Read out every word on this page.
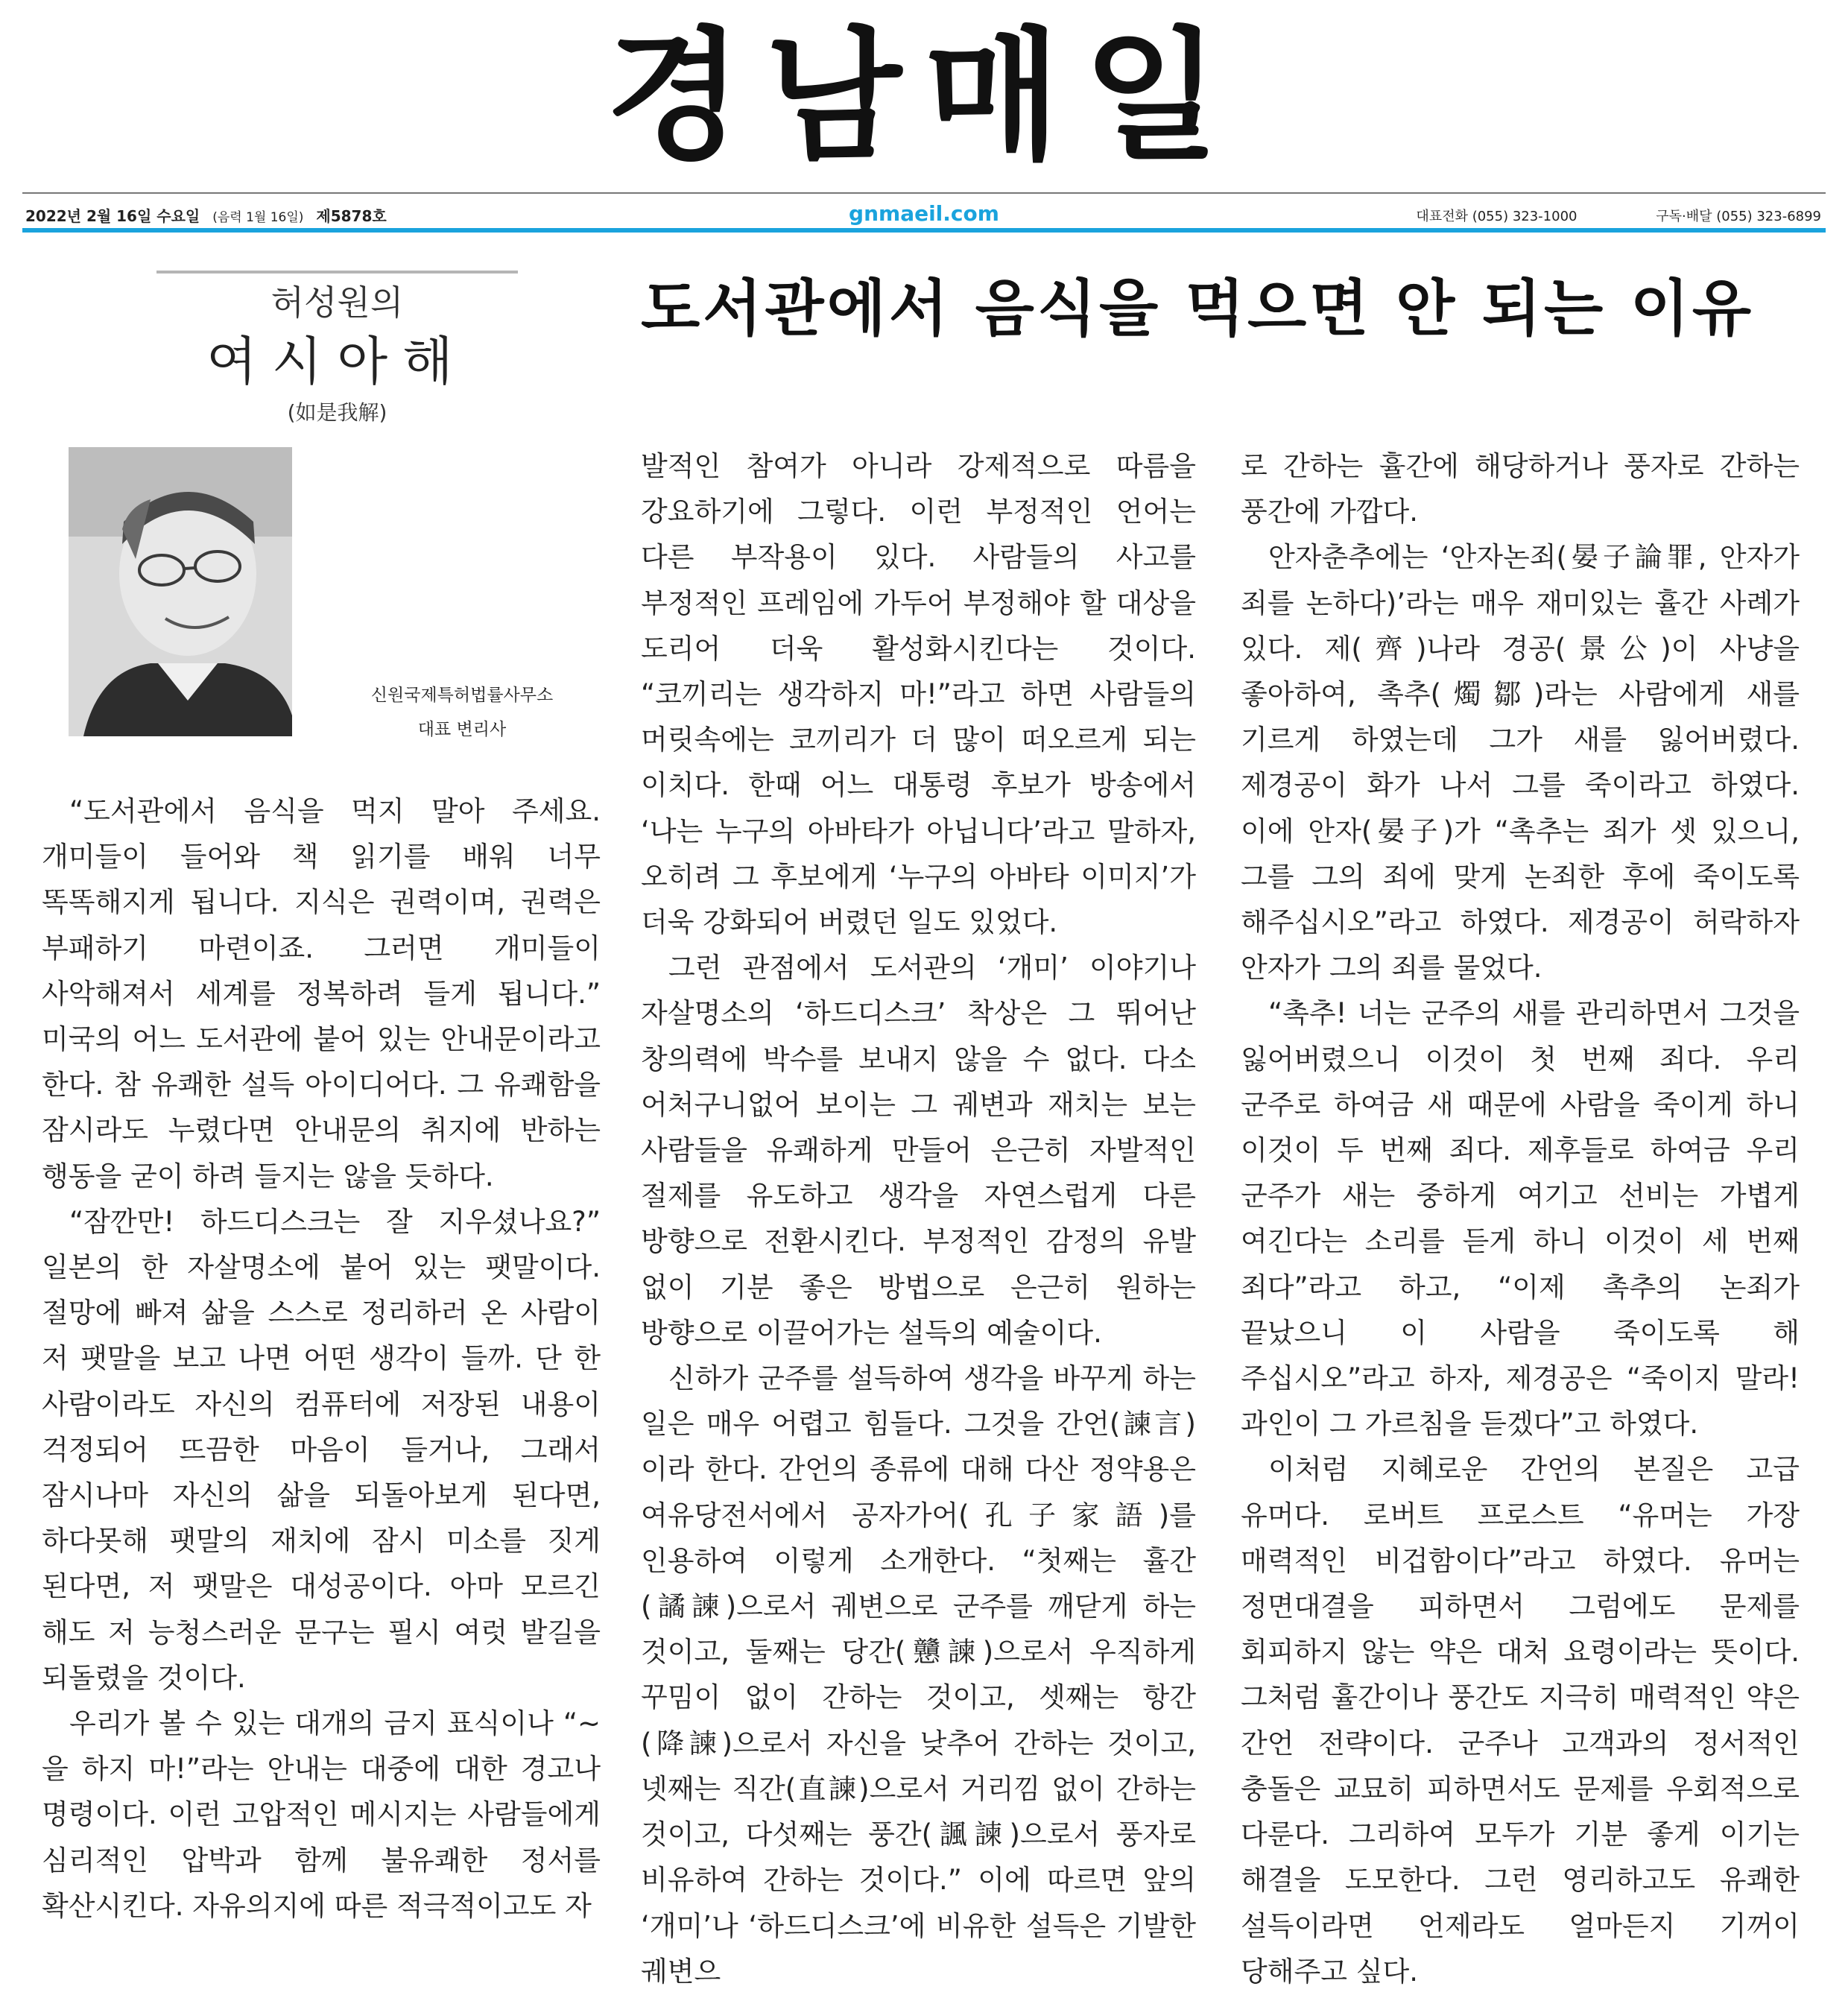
경남매일
2022년 2월 16일 수요일 (음력 1월 16일) 제5878호	gnmaeil.com	대표전화 (055) 323-1000	구독·배달 (055) 323-6899
허성원의
여시아해
(如是我解)
신원국제특허법률사무소
대표 변리사
도서관에서 음식을 먹으면 안 되는 이유

“도서관에서 음식을 먹지 말아 주세요. 개미들이 들어와 책 읽기를 배워 너무 똑똑해지게 됩니다. 지식은 권력이며, 권력은 부패하기 마련이죠. 그러면 개미들이 사악해져서 세계를 정복하려 들게 됩니다.” 미국의 어느 도서관에 붙어 있는 안내문이라고 한다. 참 유쾌한 설득 아이디어다. 그 유쾌함을 잠시라도 누렸다면 안내문의 취지에 반하는 행동을 굳이 하려 들지는 않을 듯하다.

“잠깐만! 하드디스크는 잘 지우셨나요?” 일본의 한 자살명소에 붙어 있는 팻말이다. 절망에 빠져 삶을 스스로 정리하러 온 사람이 저 팻말을 보고 나면 어떤 생각이 들까. 단 한 사람이라도 자신의 컴퓨터에 저장된 내용이 걱정되어 뜨끔한 마음이 들거나, 그래서 잠시나마 자신의 삶을 되돌아보게 된다면, 하다못해 팻말의 재치에 잠시 미소를 짓게 된다면, 저 팻말은 대성공이다. 아마 모르긴 해도 저 능청스러운 문구는 필시 여럿 발길을 되돌렸을 것이다.

우리가 볼 수 있는 대개의 금지 표식이나 “~을 하지 마!”라는 안내는 대중에 대한 경고나 명령이다. 이런 고압적인 메시지는 사람들에게 심리적인 압박과 함께 불유쾌한 정서를 확산시킨다. 자유의지에 따른 적극적이고도 자

발적인 참여가 아니라 강제적으로 따름을 강요하기에 그렇다. 이런 부정적인 언어는 다른 부작용이 있다. 사람들의 사고를 부정적인 프레임에 가두어 부정해야 할 대상을 도리어 더욱 활성화시킨다는 것이다. “코끼리는 생각하지 마!”라고 하면 사람들의 머릿속에는 코끼리가 더 많이 떠오르게 되는 이치다. 한때 어느 대통령 후보가 방송에서 ‘나는 누구의 아바타가 아닙니다’라고 말하자, 오히려 그 후보에게 ‘누구의 아바타 이미지’가 더욱 강화되어 버렸던 일도 있었다.

그런 관점에서 도서관의 ‘개미’ 이야기나 자살명소의 ‘하드디스크’ 착상은 그 뛰어난 창의력에 박수를 보내지 않을 수 없다. 다소 어처구니없어 보이는 그 궤변과 재치는 보는 사람들을 유쾌하게 만들어 은근히 자발적인 절제를 유도하고 생각을 자연스럽게 다른 방향으로 전환시킨다. 부정적인 감정의 유발 없이 기분 좋은 방법으로 은근히 원하는 방향으로 이끌어가는 설득의 예술이다.

신하가 군주를 설득하여 생각을 바꾸게 하는 일은 매우 어렵고 힘들다. 그것을 간언(諫言)이라 한다. 간언의 종류에 대해 다산 정약용은 여유당전서에서 공자가어(孔子家語)를 인용하여 이렇게 소개한다. “첫째는 휼간(譎諫)으로서 궤변으로 군주를 깨닫게 하는 것이고, 둘째는 당간(戇諫)으로서 우직하게 꾸밈이 없이 간하는 것이고, 셋째는 항간(降諫)으로서 자신을 낮추어 간하는 것이고, 넷째는 직간(直諫)으로서 거리낌 없이 간하는 것이고, 다섯째는 풍간(諷諫)으로서 풍자로 비유하여 간하는 것이다.” 이에 따르면 앞의 ‘개미’나 ‘하드디스크’에 비유한 설득은 기발한 궤변으

로 간하는 휼간에 해당하거나 풍자로 간하는 풍간에 가깝다.

안자춘추에는 ‘안자논죄(晏子論罪, 안자가 죄를 논하다)’라는 매우 재미있는 휼간 사례가 있다. 제(齊)나라 경공(景公)이 사냥을 좋아하여, 촉추(燭鄒)라는 사람에게 새를 기르게 하였는데 그가 새를 잃어버렸다. 제경공이 화가 나서 그를 죽이라고 하였다. 이에 안자(晏子)가 “촉추는 죄가 셋 있으니, 그를 그의 죄에 맞게 논죄한 후에 죽이도록 해주십시오”라고 하였다. 제경공이 허락하자 안자가 그의 죄를 물었다.

“촉추! 너는 군주의 새를 관리하면서 그것을 잃어버렸으니 이것이 첫 번째 죄다. 우리 군주로 하여금 새 때문에 사람을 죽이게 하니 이것이 두 번째 죄다. 제후들로 하여금 우리 군주가 새는 중하게 여기고 선비는 가볍게 여긴다는 소리를 듣게 하니 이것이 세 번째 죄다”라고 하고, “이제 촉추의 논죄가 끝났으니 이 사람을 죽이도록 해 주십시오”라고 하자, 제경공은 “죽이지 말라! 과인이 그 가르침을 듣겠다”고 하였다.

이처럼 지혜로운 간언의 본질은 고급 유머다. 로버트 프로스트 “유머는 가장 매력적인 비겁함이다”라고 하였다. 유머는 정면대결을 피하면서 그럼에도 문제를 회피하지 않는 약은 대처 요령이라는 뜻이다. 그처럼 휼간이나 풍간도 지극히 매력적인 약은 간언 전략이다. 군주나 고객과의 정서적인 충돌은 교묘히 피하면서도 문제를 우회적으로 다룬다. 그리하여 모두가 기분 좋게 이기는 해결을 도모한다. 그런 영리하고도 유쾌한 설득이라면 언제라도 얼마든지 기꺼이 당해주고 싶다.
